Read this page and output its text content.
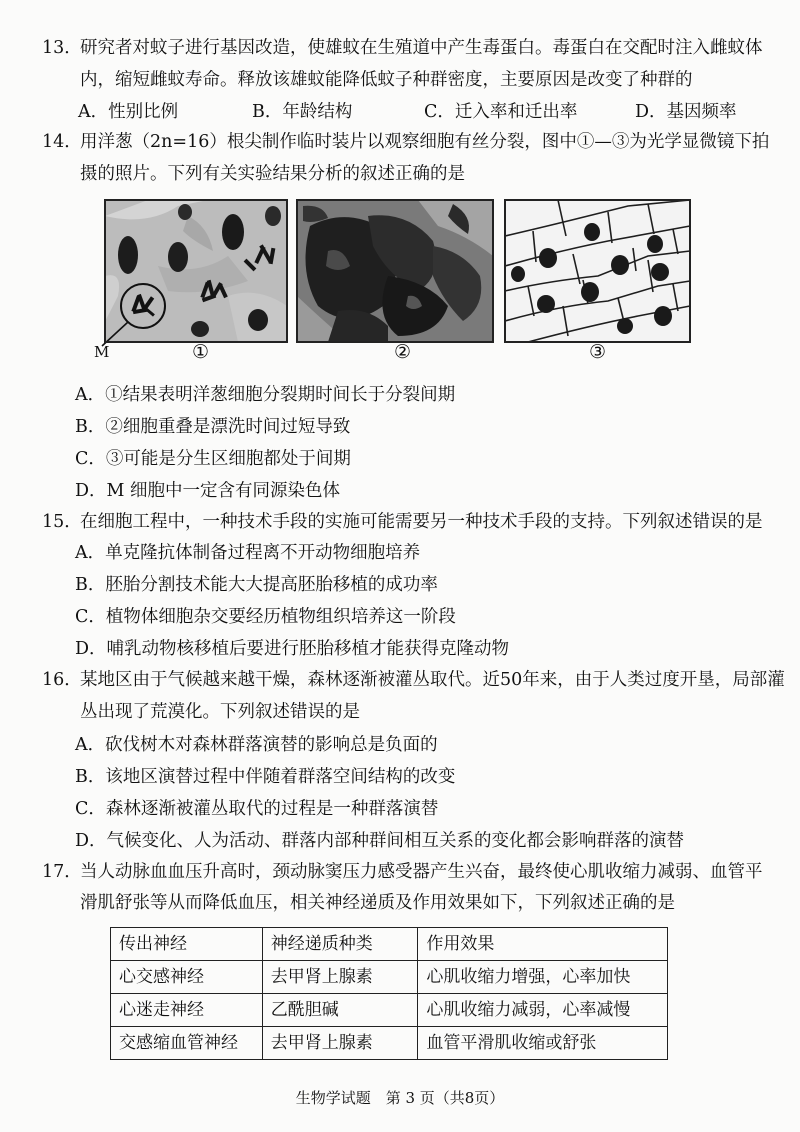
13．
研究者对蚊子进行基因改造，使雄蚊在生殖道中产生毒蛋白。毒蛋白在交配时注入雌蚊体
内，缩短雌蚊寿命。释放该雄蚊能降低蚊子种群密度，主要原因是改变了种群的
A．性别比例	B．年龄结构	C．迁入率和迁出率	D．基因频率
14．
用洋葱（2n=16）根尖制作临时装片以观察细胞有丝分裂，图中①—③为光学显微镜下拍
摄的照片。下列有关实验结果分析的叙述正确的是
M	①	②	③
A．①结果表明洋葱细胞分裂期时间长于分裂间期
B．②细胞重叠是漂洗时间过短导致
C．③可能是分生区细胞都处于间期
D．M 细胞中一定含有同源染色体
15．
在细胞工程中，一种技术手段的实施可能需要另一种技术手段的支持。下列叙述错误的是
A．单克隆抗体制备过程离不开动物细胞培养
B．胚胎分割技术能大大提高胚胎移植的成功率
C．植物体细胞杂交要经历植物组织培养这一阶段
D．哺乳动物核移植后要进行胚胎移植才能获得克隆动物
16．
某地区由于气候越来越干燥，森林逐渐被灌丛取代。近50年来，由于人类过度开垦，局部灌
丛出现了荒漠化。下列叙述错误的是
A．砍伐树木对森林群落演替的影响总是负面的
B．该地区演替过程中伴随着群落空间结构的改变
C．森林逐渐被灌丛取代的过程是一种群落演替
D．气候变化、人为活动、群落内部种群间相互关系的变化都会影响群落的演替
17．
当人动脉血血压升高时，颈动脉窦压力感受器产生兴奋，最终使心肌收缩力减弱、血管平
滑肌舒张等从而降低血压，相关神经递质及作用效果如下，下列叙述正确的是
传出神经	神经递质种类	作用效果
心交感神经	去甲肾上腺素	心肌收缩力增强，心率加快
心迷走神经	乙酰胆碱	心肌收缩力减弱，心率减慢
交感缩血管神经	去甲肾上腺素	血管平滑肌收缩或舒张
生物学试题　第 3 页（共8页）
